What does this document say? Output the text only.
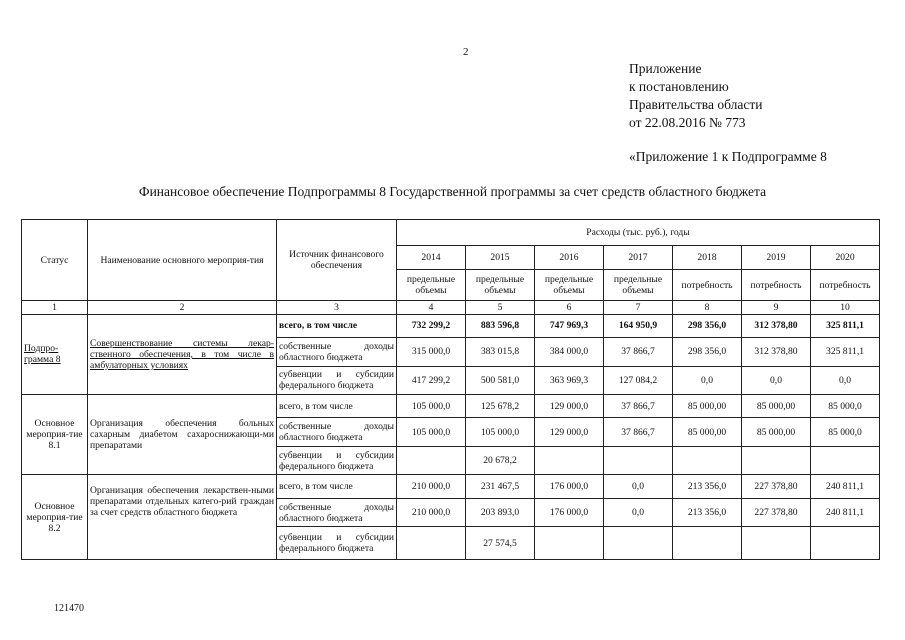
2
Приложение
к постановлению
Правительства области
от 22.08.2016 № 773
«Приложение 1 к Подпрограмме 8
Финансовое обеспечение Подпрограммы 8 Государственной программы за счет средств областного бюджета
Статус	Наименование основного мероприя-тия	Источник финансового обеспечения	Расходы (тыс. руб.), годы						
			2014	2015	2016	2017	2018	2019	2020
			предельные объемы	предельные объемы	предельные объемы	предельные объемы	потребность	потребность	потребность
1	2	3	4	5	6	7	8	9	10
Подпро-грамма 8	Совершенствование системы лекар-ственного обеспечения, в том числе в амбулаторных условиях	всего, в том числе	732 299,2	883 596,8	747 969,3	164 950,9	298 356,0	312 378,80	325 811,1
		собственные доходы областного бюджета	315 000,0	383 015,8	384 000,0	37 866,7	298 356,0	312 378,80	325 811,1
		субвенции и субсидии федерального бюджета	417 299,2	500 581,0	363 969,3	127 084,2	0,0	0,0	0,0
Основное мероприя-тие 8.1	Организация обеспечения больных сахарным диабетом сахароснижающи-ми препаратами	всего, в том числе	105 000,0	125 678,2	129 000,0	37 866,7	85 000,00	85 000,00	85 000,0
		собственные доходы областного бюджета	105 000,0	105 000,0	129 000,0	37 866,7	85 000,00	85 000,00	85 000,0
		субвенции и субсидии федерального бюджета		20 678,2					
Основное мероприя-тие 8.2	Организация обеспечения лекарствен-ными препаратами отдельных катего-рий граждан за счет средств областного бюджета	всего, в том числе	210 000,0	231 467,5	176 000,0	0,0	213 356,0	227 378,80	240 811,1
		собственные доходы областного бюджета	210 000,0	203 893,0	176 000,0	0,0	213 356,0	227 378,80	240 811,1
		субвенции и субсидии федерального бюджета		27 574,5					
121470
